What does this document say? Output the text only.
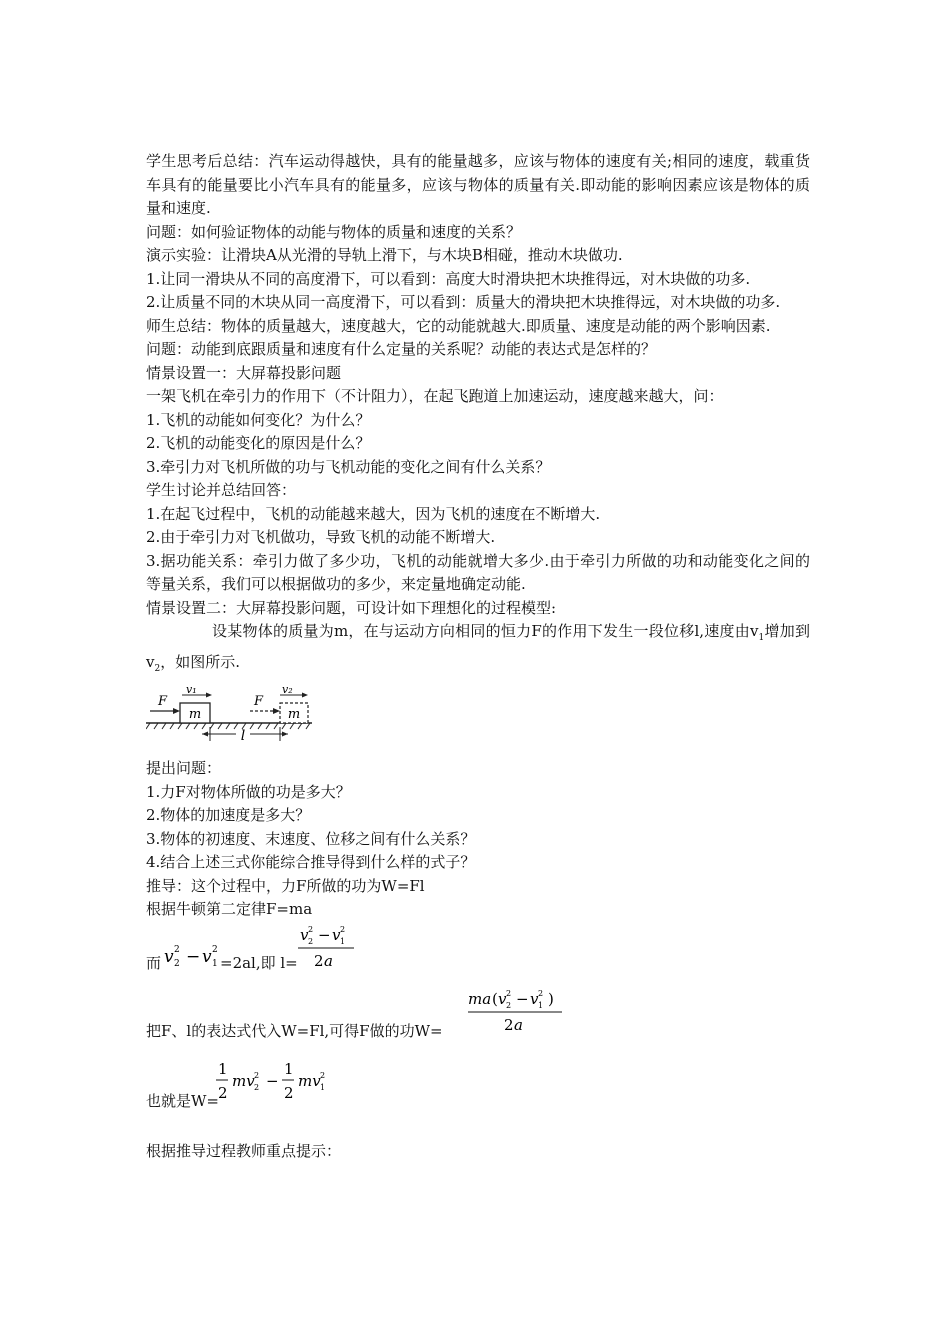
学生思考后总结：汽车运动得越快，具有的能量越多，应该与物体的速度有关;相同的速度，载重货车具有的能量要比小汽车具有的能量多，应该与物体的质量有关.即动能的影响因素应该是物体的质量和速度.

问题：如何验证物体的动能与物体的质量和速度的关系？

演示实验：让滑块A从光滑的导轨上滑下，与木块B相碰，推动木块做功.

1.让同一滑块从不同的高度滑下，可以看到：高度大时滑块把木块推得远，对木块做的功多.

2.让质量不同的木块从同一高度滑下，可以看到：质量大的滑块把木块推得远，对木块做的功多.

师生总结：物体的质量越大，速度越大，它的动能就越大.即质量、速度是动能的两个影响因素.

问题：动能到底跟质量和速度有什么定量的关系呢？动能的表达式是怎样的？

情景设置一：大屏幕投影问题

一架飞机在牵引力的作用下（不计阻力），在起飞跑道上加速运动，速度越来越大，问：

1.飞机的动能如何变化？为什么？

2.飞机的动能变化的原因是什么？

3.牵引力对飞机所做的功与飞机动能的变化之间有什么关系？

学生讨论并总结回答：

1.在起飞过程中，飞机的动能越来越大，因为飞机的速度在不断增大.

2.由于牵引力对飞机做功，导致飞机的动能不断增大.

3.据功能关系：牵引力做了多少功，飞机的动能就增大多少.由于牵引力所做的功和动能变化之间的等量关系，我们可以根据做功的多少，来定量地确定动能.

情景设置二：大屏幕投影问题，可设计如下理想化的过程模型:

设某物体的质量为m，在与运动方向相同的恒力F的作用下发生一段位移l,速度由$v_1$增加到$v_2$，如图所示.

m
F
v₁
m
F
v₂
l

提出问题：

1.力F对物体所做的功是多大？

2.物体的加速度是多大？

3.物体的初速度、末速度、位移之间有什么关系？

4.结合上述三式你能综合推导得到什么样的式子？

推导：这个过程中，力F所做的功为W=Fl

根据牛顿第二定律F=ma

而 v 2
2 − v 2
1 =2al,即 l=
v 2
2 − v 2
1
2 a
把F、l的表达式代入W=Fl,可得F做的功W=
ma ( v 2
2 − v 2
1 )
2 a
也就是W=
1
2
mv 2
2 −
1
2
mv 2
1

根据推导过程教师重点提示：
